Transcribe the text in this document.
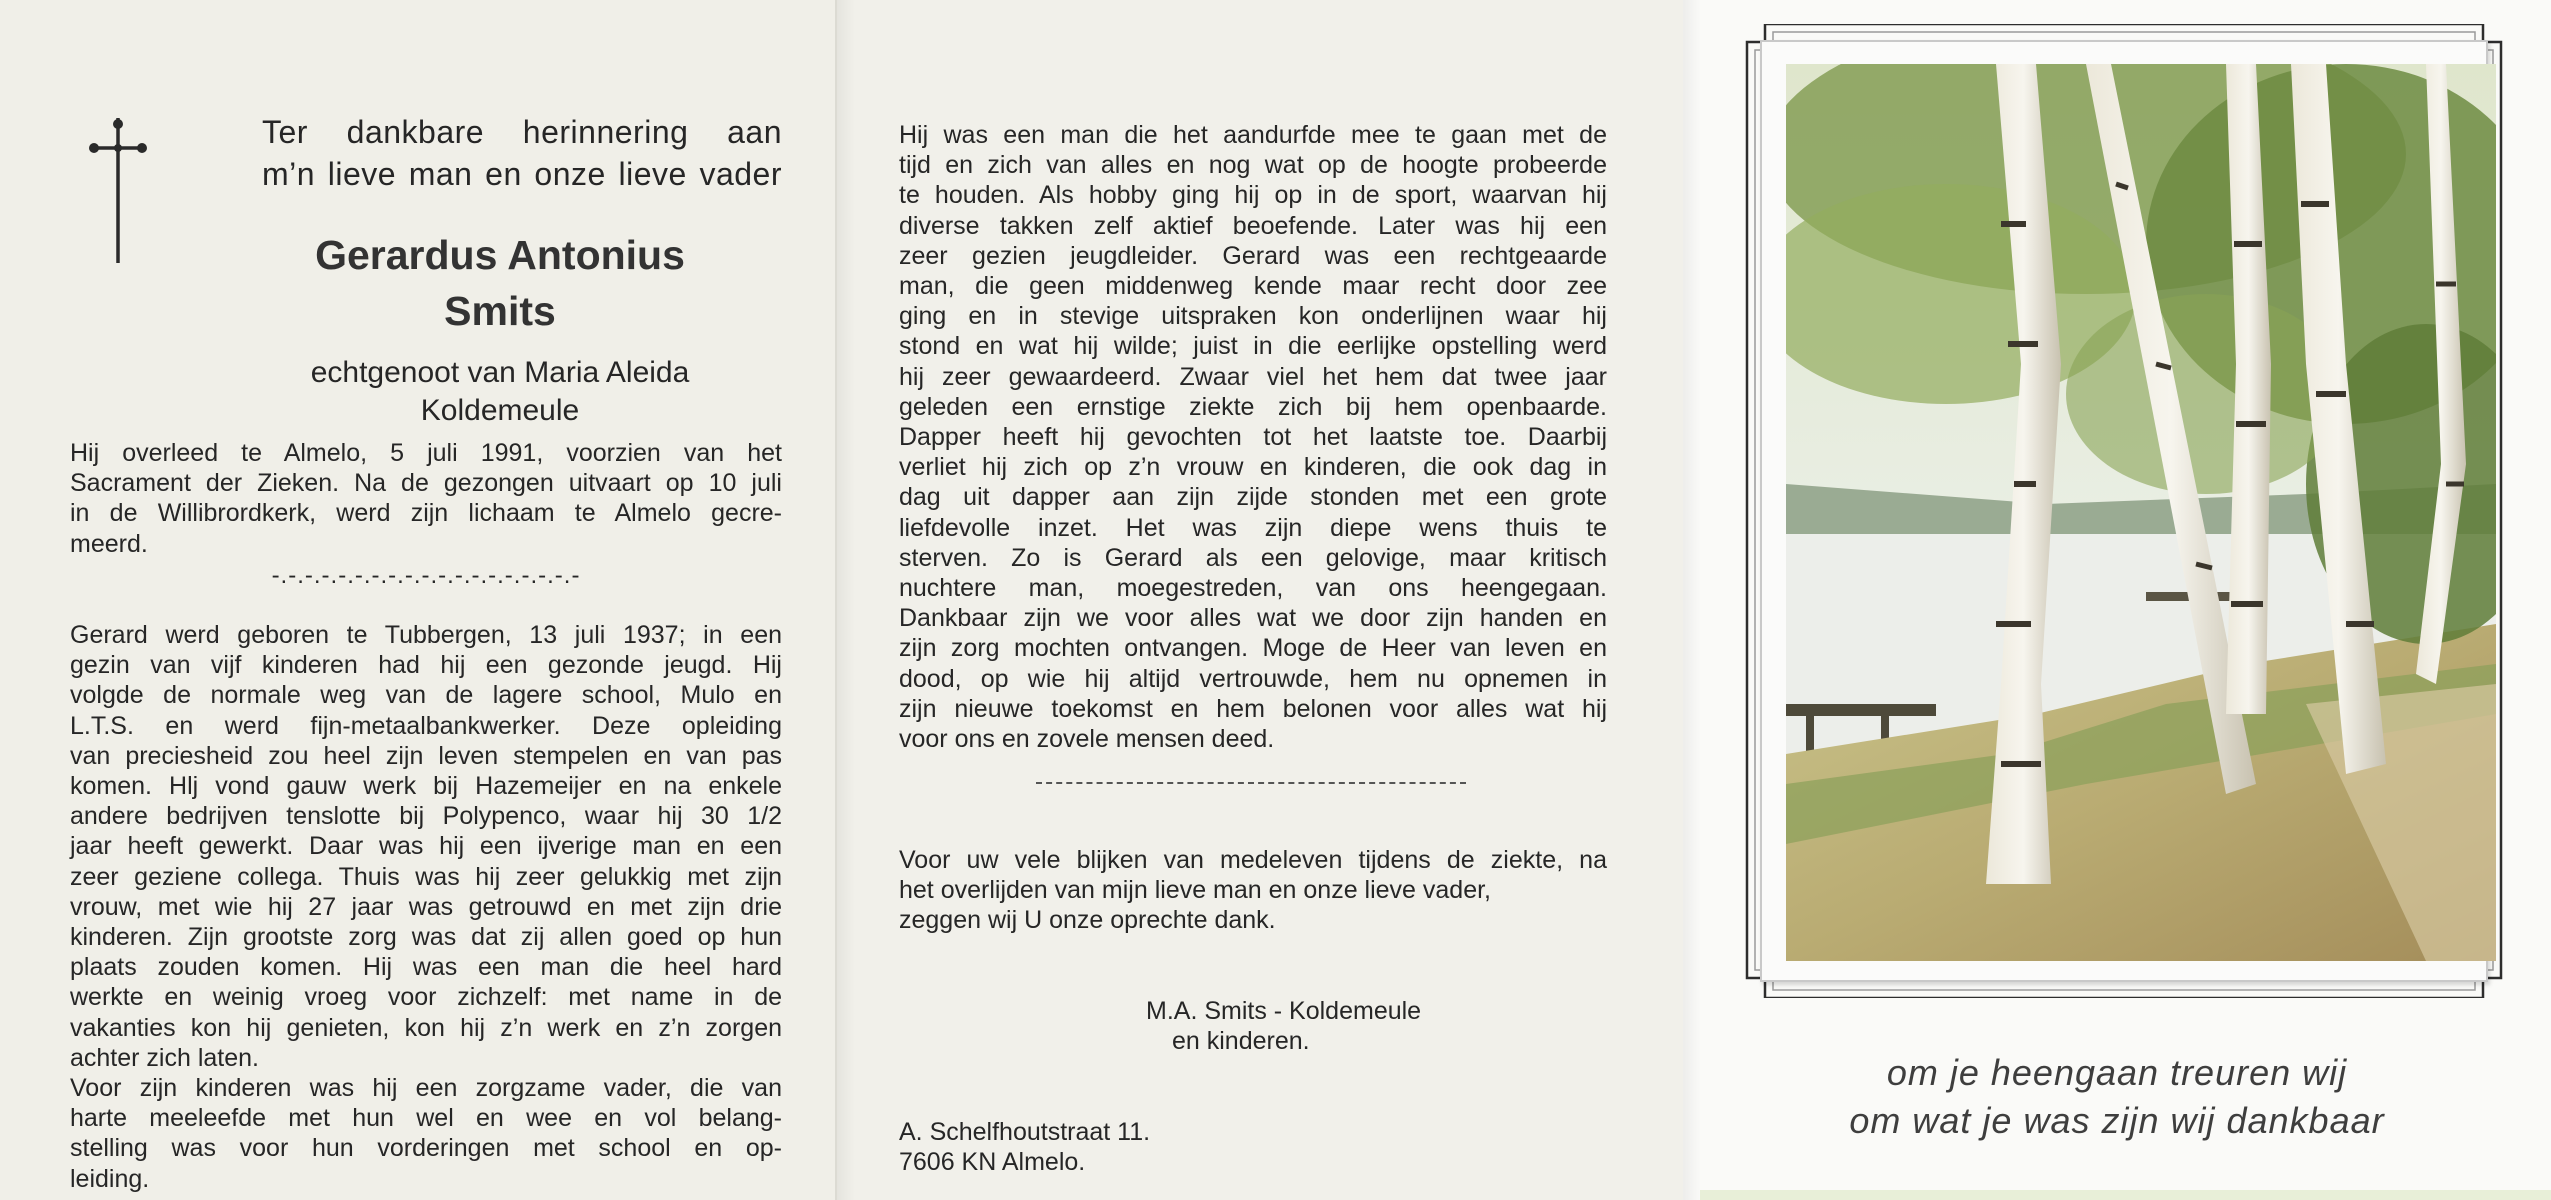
Ter dankbare herinnering aan
m’n lieve man en onze lieve vader
Gerardus Antonius
Smits
echtgenoot van Maria Aleida
Koldemeule
Hij overleed te Almelo, 5 juli 1991, voorzien van het
Sacrament der Zieken. Na de gezongen uitvaart op 10 juli
in de Willibrordkerk, werd zijn lichaam te Almelo gecre-
meerd.
-.-.-.-.-.-.-.-.-.-.-.-.-.-.-.-.-.-.-
Gerard werd geboren te Tubbergen, 13 juli 1937; in een
gezin van vijf kinderen had hij een gezonde jeugd. Hij
volgde de normale weg van de lagere school, Mulo en
L.T.S. en werd fijn-metaalbankwerker. Deze opleiding
van preciesheid zou heel zijn leven stempelen en van pas
komen. Hlj vond gauw werk bij Hazemeijer en na enkele
andere bedrijven tenslotte bij Polypenco, waar hij 30 1/2
jaar heeft gewerkt. Daar was hij een ijverige man en een
zeer geziene collega. Thuis was hij zeer gelukkig met zijn
vrouw, met wie hij 27 jaar was getrouwd en met zijn drie
kinderen. Zijn grootste zorg was dat zij allen goed op hun
plaats zouden komen. Hij was een man die heel hard
werkte en weinig vroeg voor zichzelf: met name in de
vakanties kon hij genieten, kon hij z’n werk en z’n zorgen
achter zich laten.
Voor zijn kinderen was hij een zorgzame vader, die van
harte meeleefde met hun wel en wee en vol belang-
stelling was voor hun vorderingen met school en op-
leiding.
Hij was een man die het aandurfde mee te gaan met de
tijd en zich van alles en nog wat op de hoogte probeerde
te houden. Als hobby ging hij op in de sport, waarvan hij
diverse takken zelf aktief beoefende. Later was hij een
zeer gezien jeugdleider. Gerard was een rechtgeaarde
man, die geen middenweg kende maar recht door zee
ging en in stevige uitspraken kon onderlijnen waar hij
stond en wat hij wilde; juist in die eerlijke opstelling werd
hij zeer gewaardeerd. Zwaar viel het hem dat twee jaar
geleden een ernstige ziekte zich bij hem openbaarde.
Dapper heeft hij gevochten tot het laatste toe. Daarbij
verliet hij zich op z’n vrouw en kinderen, die ook dag in
dag uit dapper aan zijn zijde stonden met een grote
liefdevolle inzet. Het was zijn diepe wens thuis te
sterven. Zo is Gerard als een gelovige, maar kritisch
nuchtere man, moegestreden, van ons heengegaan.
Dankbaar zijn we voor alles wat we door zijn handen en
zijn zorg mochten ontvangen. Moge de Heer van leven en
dood, op wie hij altijd vertrouwde, hem nu opnemen in
zijn nieuwe toekomst en hem belonen voor alles wat hij
voor ons en zovele mensen deed.
Voor uw vele blijken van medeleven tijdens de ziekte, na
het overlijden van mijn lieve man en onze lieve vader,
zeggen wij U onze oprechte dank.
M.A. Smits - Koldemeule
en kinderen.
A. Schelfhoutstraat 11.
7606 KN Almelo.
om je heengaan treuren wij
om wat je was zijn wij dankbaar
